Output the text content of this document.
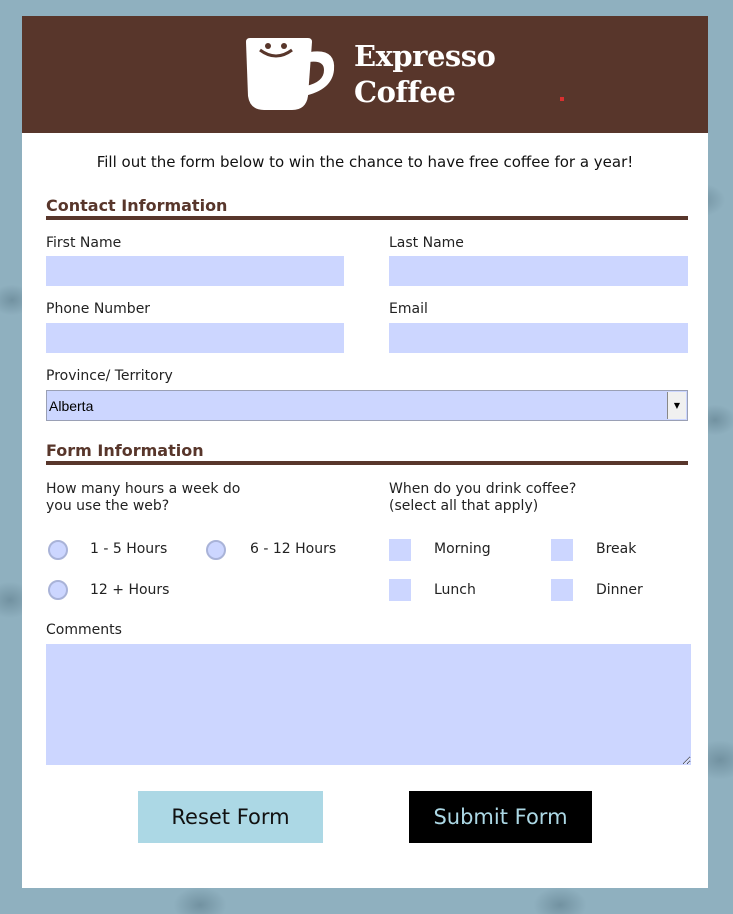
Expresso
Coffee
Fill out the form below to win the chance to have free coffee for a year!
Contact Information
First Name	Last Name
Phone Number	Email
Province/ Territory
Alberta	▼
Form Information
How many hours a week do
you use the web?
When do you drink coffee?
(select all that apply)
1 - 5 Hours	6 - 12 Hours
12 + Hours
Morning	Break
Lunch	Dinner
Comments
Reset Form	Submit Form
